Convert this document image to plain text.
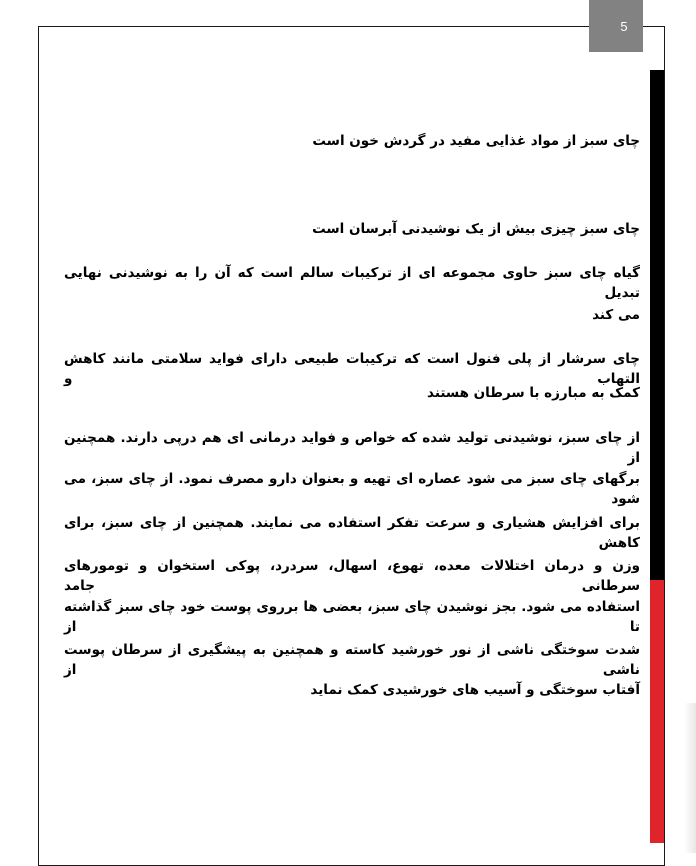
5
چای سبز از مواد غذایی مفید در گردش خون است
چای سبز چیزی بیش از یک نوشیدنی آبرسان است
گیاه چای سبز حاوی مجموعه ای از ترکیبات سالم است که آن را به نوشیدنی نهایی تبدیل
می کند
چای سرشار از پلی فنول است که ترکیبات طبیعی دارای فواید سلامتی مانند کاهش التهاب و
کمک به مبارزه با سرطان هستند
از چای سبز، نوشیدنی تولید شده که خواص و فواید درمانی ای هم درپی دارند. همچنین از
برگهای چای سبز می شود عصاره ای تهیه و بعنوان دارو مصرف نمود. از چای سبز، می شود
برای افزایش هشیاری و سرعت تفکر استفاده می نمایند. همچنین از چای سبز، برای کاهش
وزن و درمان اختلالات معده، تهوع، اسهال، سردرد، پوکی استخوان و تومورهای سرطانی جامد
استفاده می شود. بجز نوشیدن چای سبز، بعضی ها برروی پوست خود چای سبز گذاشته تا از
شدت سوختگی ناشی از نور خورشید کاسته و همچنین به پیشگیری از سرطان پوست ناشی از
آفتاب سوختگی و آسیب های خورشیدی کمک نماید
